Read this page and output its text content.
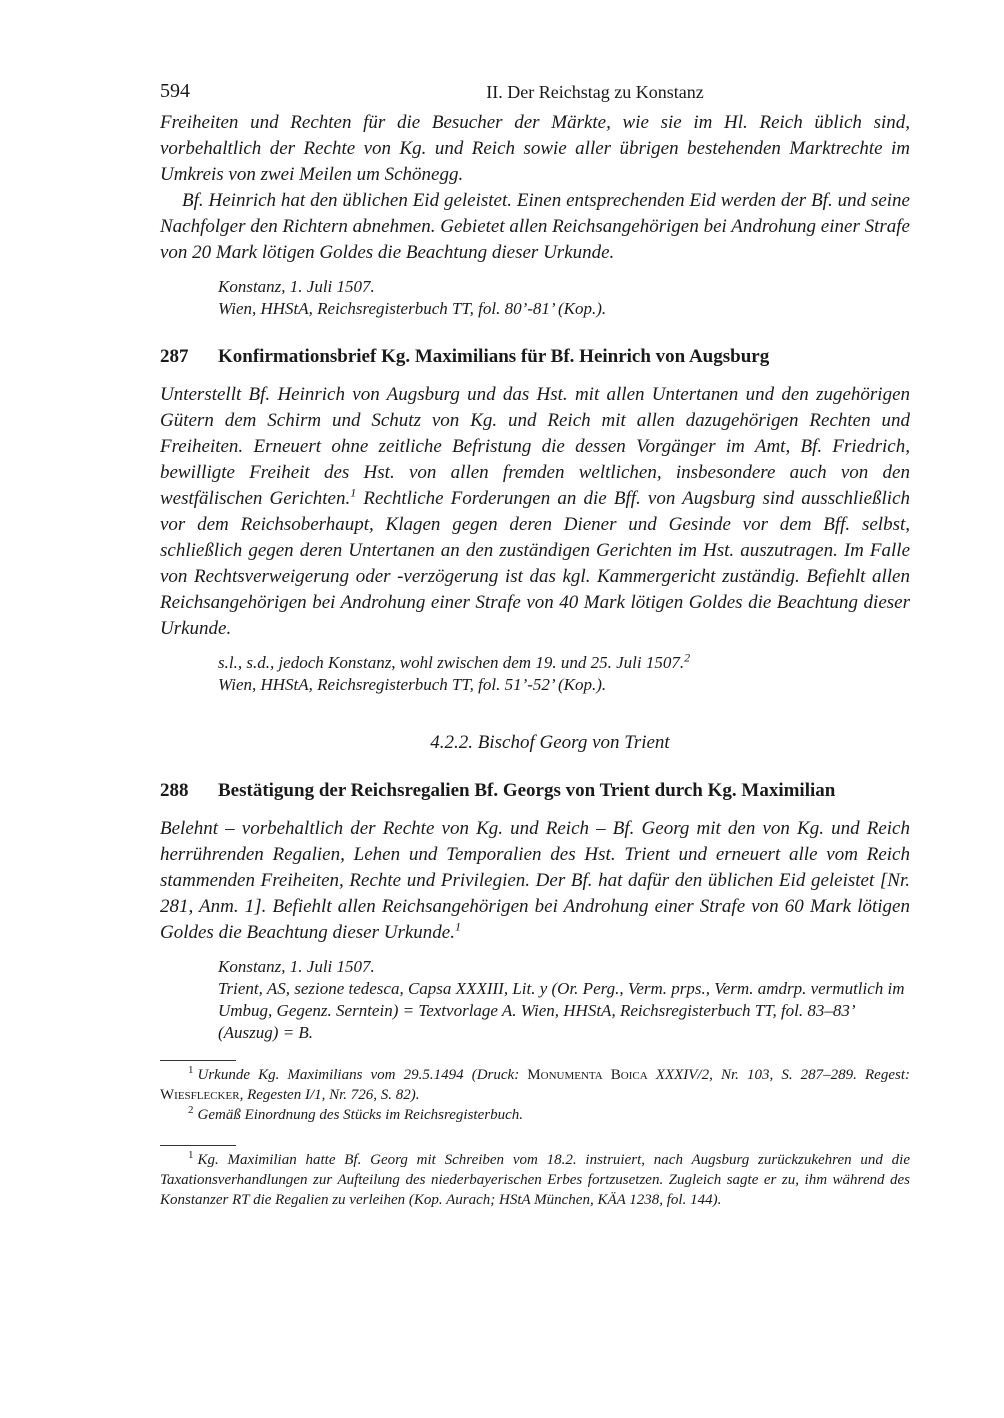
594	II. Der Reichstag zu Konstanz

Freiheiten und Rechten für die Besucher der Märkte, wie sie im Hl. Reich üblich sind, vorbehaltlich der Rechte von Kg. und Reich sowie aller übrigen bestehenden Marktrechte im Umkreis von zwei Meilen um Schönegg.

Bf. Heinrich hat den üblichen Eid geleistet. Einen entsprechenden Eid werden der Bf. und seine Nachfolger den Richtern abnehmen. Gebietet allen Reichsangehörigen bei Androhung einer Strafe von 20 Mark lötigen Goldes die Beachtung dieser Urkunde.

Konstanz, 1. Juli 1507.

Wien, HHStA, Reichsregisterbuch TT, fol. 80’-81’ (Kop.).

287	Konfirmationsbrief Kg. Maximilians für Bf. Heinrich von Augsburg

Unterstellt Bf. Heinrich von Augsburg und das Hst. mit allen Untertanen und den zugehörigen Gütern dem Schirm und Schutz von Kg. und Reich mit allen dazugehörigen Rechten und Freiheiten. Erneuert ohne zeitliche Befristung die dessen Vorgänger im Amt, Bf. Friedrich, bewilligte Freiheit des Hst. von allen fremden weltlichen, insbesondere auch von den westfälischen Gerichten.$^1$ Rechtliche Forderungen an die Bff. von Augsburg sind ausschließlich vor dem Reichsoberhaupt, Klagen gegen deren Diener und Gesinde vor dem Bff. selbst, schließlich gegen deren Untertanen an den zuständigen Gerichten im Hst. auszutragen. Im Falle von Rechtsverweigerung oder -verzögerung ist das kgl. Kammergericht zuständig. Befiehlt allen Reichsangehörigen bei Androhung einer Strafe von 40 Mark lötigen Goldes die Beachtung dieser Urkunde.

s.l., s.d., jedoch Konstanz, wohl zwischen dem 19. und 25. Juli 1507.$^2$

Wien, HHStA, Reichsregisterbuch TT, fol. 51’-52’ (Kop.).

4.2.2. Bischof Georg von Trient
288	Bestätigung der Reichsregalien Bf. Georgs von Trient durch Kg. Maximilian

Belehnt – vorbehaltlich der Rechte von Kg. und Reich – Bf. Georg mit den von Kg. und Reich herrührenden Regalien, Lehen und Temporalien des Hst. Trient und erneuert alle vom Reich stammenden Freiheiten, Rechte und Privilegien. Der Bf. hat dafür den üblichen Eid geleistet [Nr. 281, Anm. 1]. Befiehlt allen Reichsangehörigen bei Androhung einer Strafe von 60 Mark lötigen Goldes die Beachtung dieser Urkunde.$^1$

Konstanz, 1. Juli 1507.

Trient, AS, sezione tedesca, Capsa XXXIII, Lit. y (Or. Perg., Verm. prps., Verm. amdrp. vermutlich im Umbug, Gegenz. Serntein) = Textvorlage A. Wien, HHStA, Reichsregisterbuch TT, fol. 83–83’ (Auszug) = B.

$^1$ Urkunde Kg. Maximilians vom 29.5.1494 (Druck: Monumenta Boica XXXIV/2, Nr. 103, S. 287–289. Regest: Wiesflecker, Regesten I/1, Nr. 726, S. 82).

$^2$ Gemäß Einordnung des Stücks im Reichsregisterbuch.

$^1$ Kg. Maximilian hatte Bf. Georg mit Schreiben vom 18.2. instruiert, nach Augsburg zurückzukehren und die Taxationsverhandlungen zur Aufteilung des niederbayerischen Erbes fortzusetzen. Zugleich sagte er zu, ihm während des Konstanzer RT die Regalien zu verleihen (Kop. Aurach; HStA München, KÄA 1238, fol. 144).
